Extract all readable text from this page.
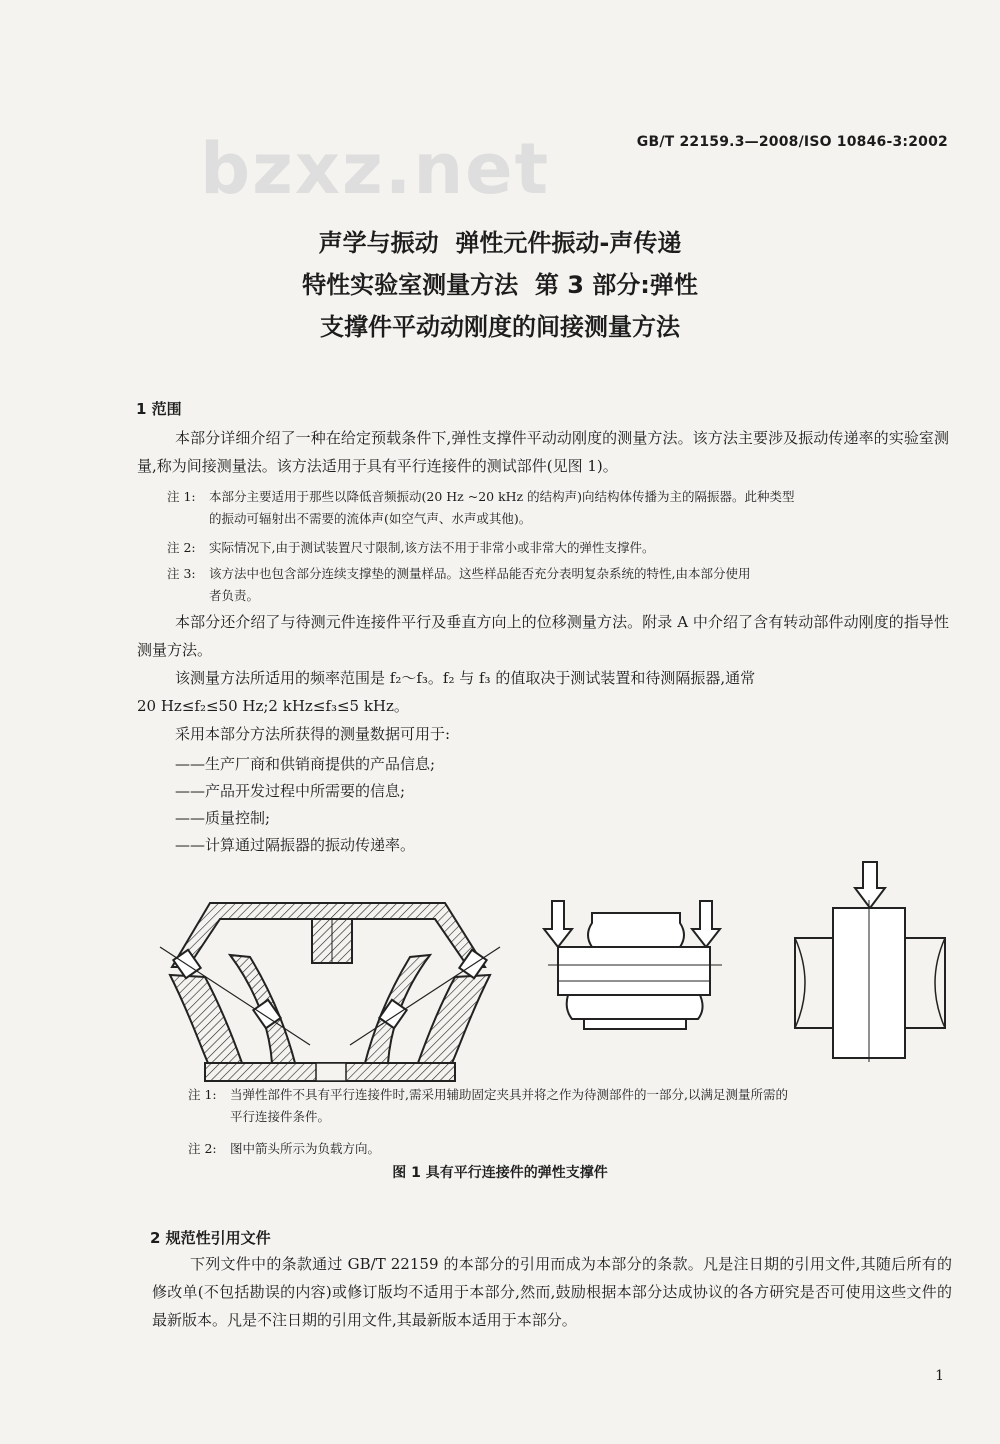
bzxz.net	GB/T 22159.3—2008/ISO 10846-3:2002
声学与振动  弹性元件振动-声传递
特性实验室测量方法  第 3 部分:弹性
支撑件平动动刚度的间接测量方法
1 范围
本部分详细介绍了一种在给定预载条件下,弹性支撑件平动动刚度的测量方法。该方法主要涉及振动传递率的实验室测量,称为间接测量法。该方法适用于具有平行连接件的测试部件(见图 1)。
注 1: 本部分主要适用于那些以降低音频振动(20 Hz ~20 kHz 的结构声)向结构体传播为主的隔振器。此种类型
的振动可辐射出不需要的流体声(如空气声、水声或其他)。
注 2: 实际情况下,由于测试装置尺寸限制,该方法不用于非常小或非常大的弹性支撑件。
注 3: 该方法中也包含部分连续支撑垫的测量样品。这些样品能否充分表明复杂系统的特性,由本部分使用
者负责。
本部分还介绍了与待测元件连接件平行及垂直方向上的位移测量方法。附录 A 中介绍了含有转动部件动刚度的指导性测量方法。
该测量方法所适用的频率范围是 f₂～f₃。f₂ 与 f₃ 的值取决于测试装置和待测隔振器,通常
20 Hz≤f₂≤50 Hz;2 kHz≤f₃≤5 kHz。
采用本部分方法所获得的测量数据可用于:
——生产厂商和供销商提供的产品信息;
——产品开发过程中所需要的信息;
——质量控制;
——计算通过隔振器的振动传递率。
注 1: 当弹性部件不具有平行连接件时,需采用辅助固定夹具并将之作为待测部件的一部分,以满足测量所需的
平行连接件条件。
注 2: 图中箭头所示为负载方向。
图 1 具有平行连接件的弹性支撑件
2 规范性引用文件
下列文件中的条款通过 GB/T 22159 的本部分的引用而成为本部分的条款。凡是注日期的引用文件,其随后所有的修改单(不包括勘误的内容)或修订版均不适用于本部分,然而,鼓励根据本部分达成协议的各方研究是否可使用这些文件的最新版本。凡是不注日期的引用文件,其最新版本适用于本部分。
1
